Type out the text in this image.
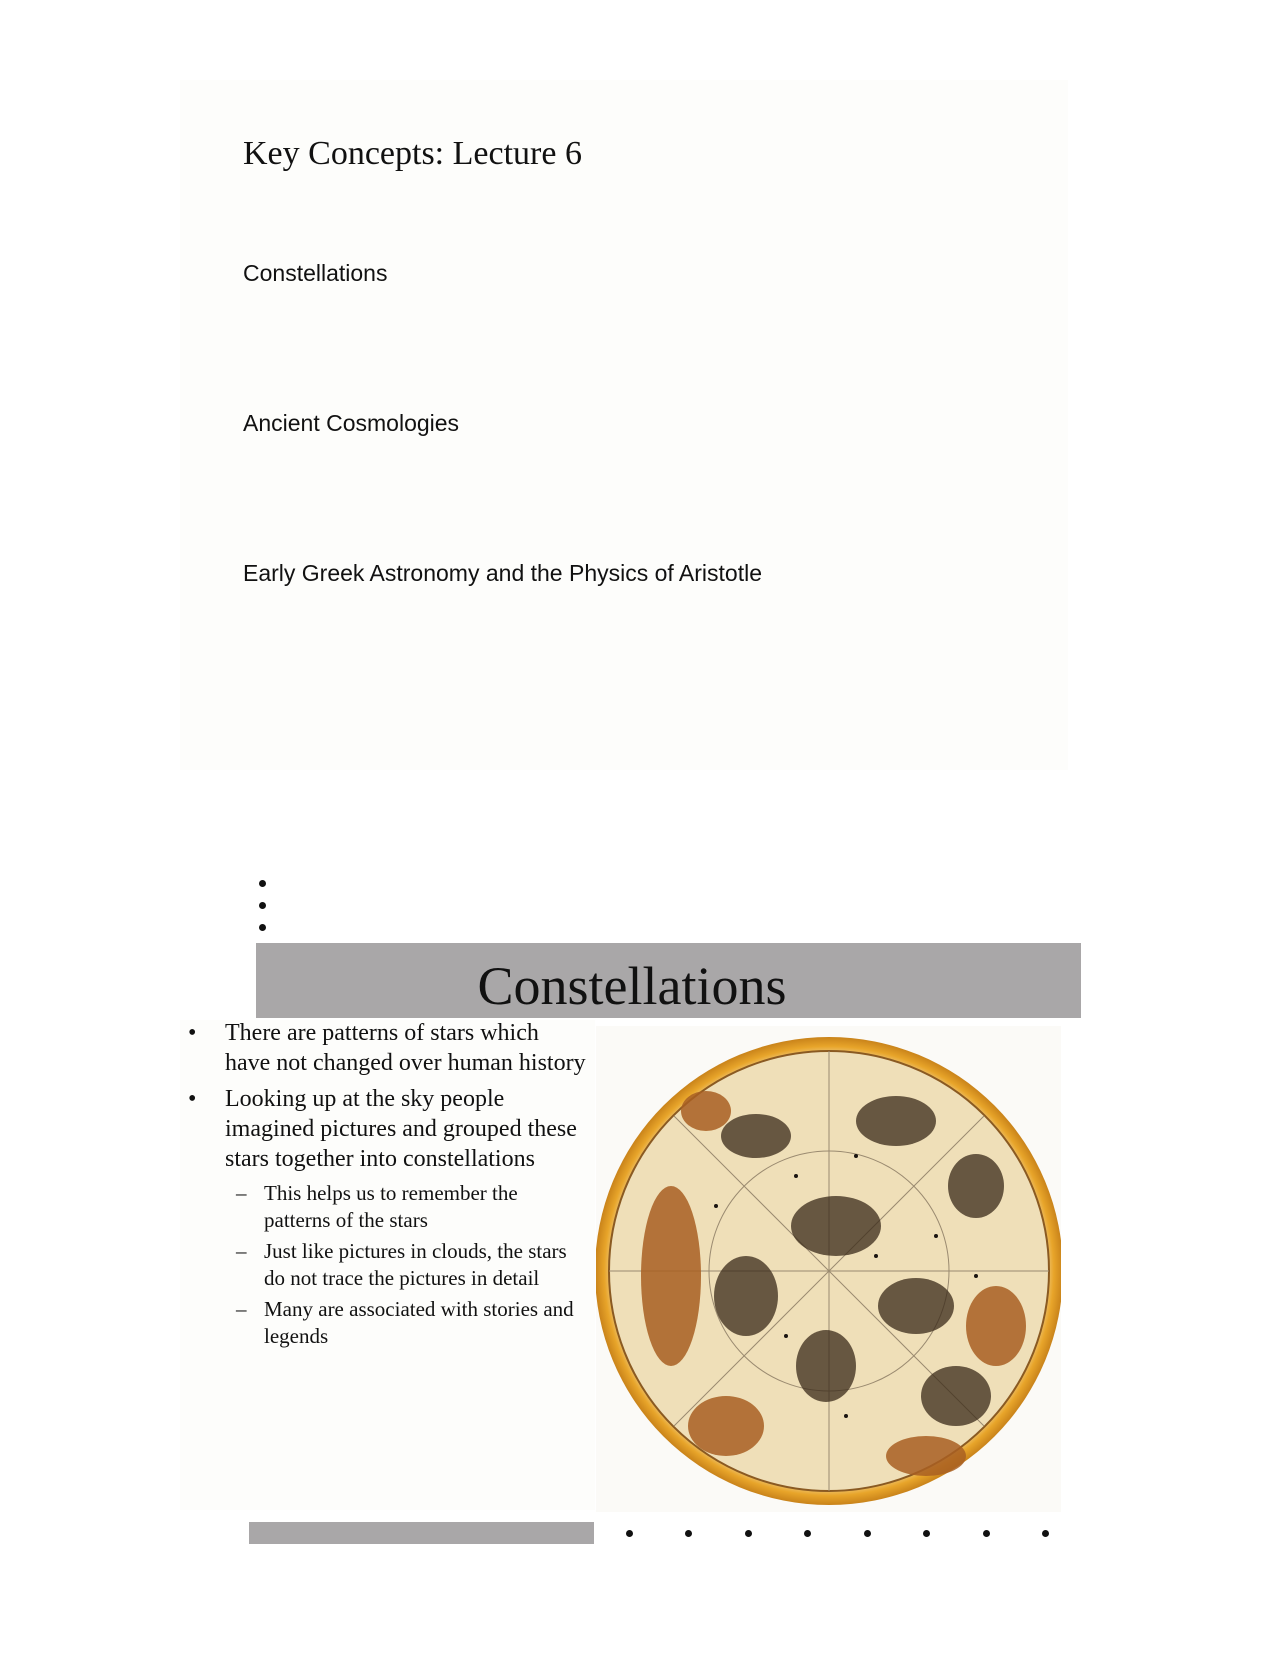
Key Concepts: Lecture 6
Constellations
Ancient Cosmologies
Early Greek Astronomy and the Physics of Aristotle
Constellations
• There are patterns of stars which have not changed over human history
• Looking up at the sky people imagined pictures and grouped these stars together into constellations
– This helps us to remember the patterns of the stars
– Just like pictures in clouds, the stars do not trace the pictures in detail
– Many are associated with stories and legends
